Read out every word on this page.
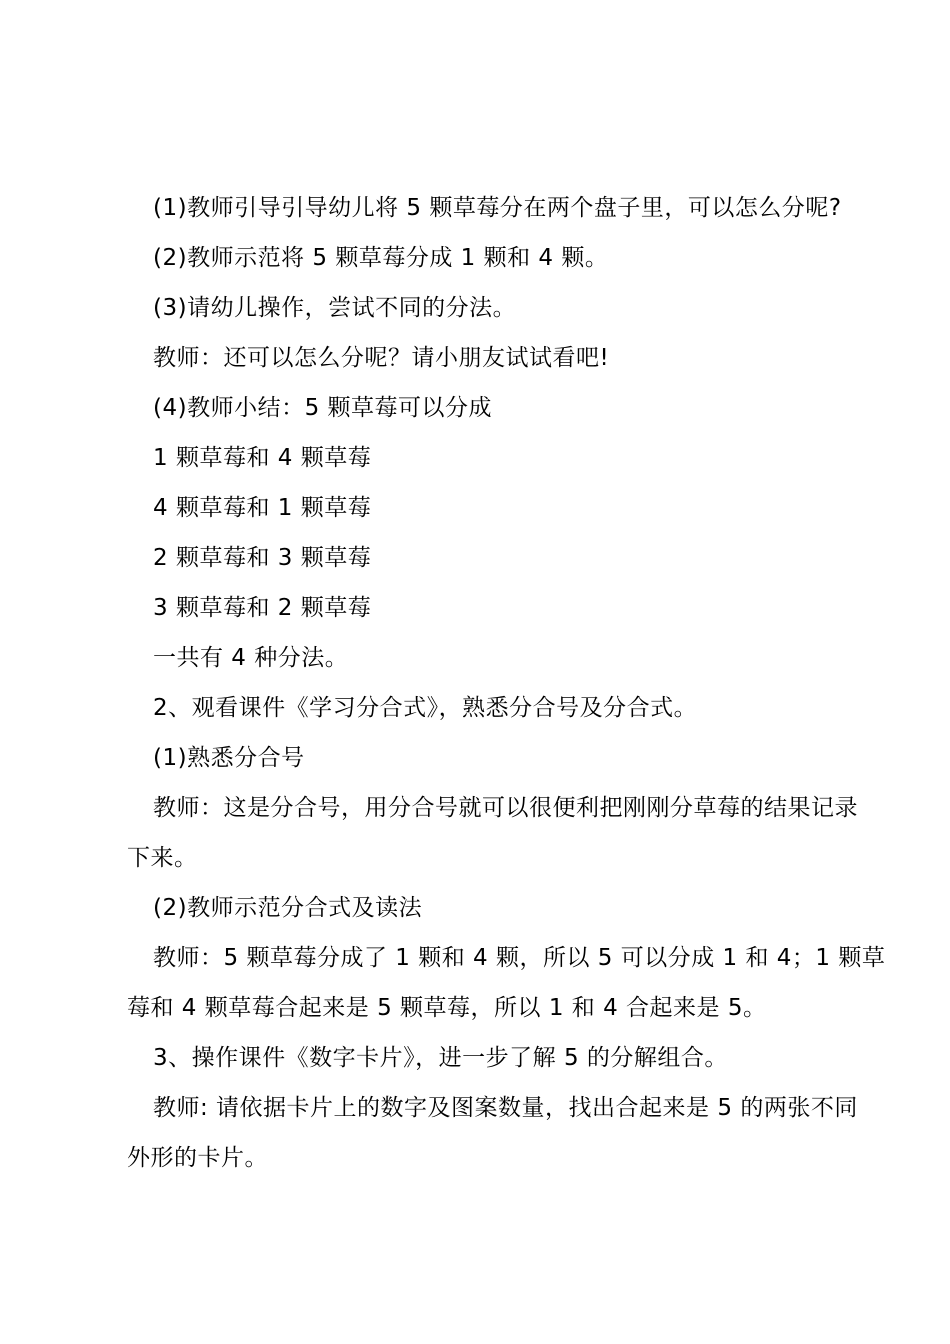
(1)教师引导引导幼儿将 5 颗草莓分在两个盘子里，可以怎么分呢?

(2)教师示范将 5 颗草莓分成 1 颗和 4 颗。

(3)请幼儿操作，尝试不同的分法。

教师：还可以怎么分呢？请小朋友试试看吧!

(4)教师小结：5 颗草莓可以分成

1 颗草莓和 4 颗草莓

4 颗草莓和 1 颗草莓

2 颗草莓和 3 颗草莓

3 颗草莓和 2 颗草莓

一共有 4 种分法。

2、观看课件《学习分合式》，熟悉分合号及分合式。

(1)熟悉分合号

教师：这是分合号，用分合号就可以很便利把刚刚分草莓的结果记录

下来。

(2)教师示范分合式及读法

教师：5 颗草莓分成了 1 颗和 4 颗，所以 5 可以分成 1 和 4；1 颗草

莓和 4 颗草莓合起来是 5 颗草莓，所以 1 和 4 合起来是 5。

3、操作课件《数字卡片》，进一步了解 5 的分解组合。

教师: 请依据卡片上的数字及图案数量，找出合起来是 5 的两张不同

外形的卡片。
